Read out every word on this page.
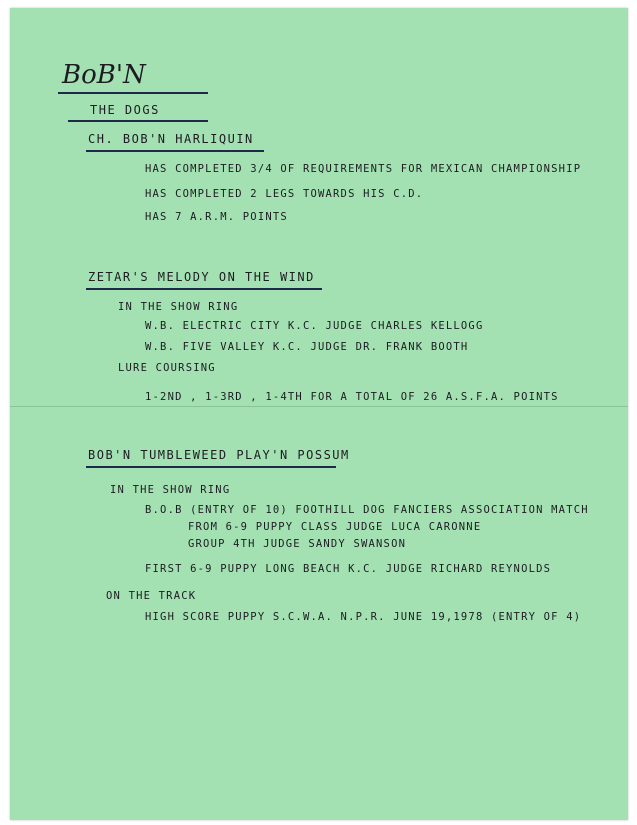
BoB'N
THE DOGS
CH. BOB'N HARLIQUIN
HAS COMPLETED 3/4 OF REQUIREMENTS FOR MEXICAN CHAMPIONSHIP
HAS COMPLETED 2 LEGS TOWARDS HIS C.D.
HAS 7 A.R.M. POINTS
ZETAR'S MELODY ON THE WIND
IN THE SHOW RING
W.B. ELECTRIC CITY K.C. JUDGE CHARLES KELLOGG
W.B. FIVE VALLEY K.C. JUDGE DR. FRANK BOOTH
LURE COURSING
1-2ND , 1-3RD , 1-4TH FOR A TOTAL OF 26 A.S.F.A. POINTS
BOB'N TUMBLEWEED PLAY'N POSSUM
IN THE SHOW RING
B.O.B (ENTRY OF 10) FOOTHILL DOG FANCIERS ASSOCIATION MATCH
FROM 6-9 PUPPY CLASS JUDGE LUCA CARONNE
GROUP 4TH JUDGE SANDY SWANSON
FIRST 6-9 PUPPY LONG BEACH K.C. JUDGE RICHARD REYNOLDS
ON THE TRACK
HIGH SCORE PUPPY S.C.W.A. N.P.R. JUNE 19,1978 (ENTRY OF 4)
